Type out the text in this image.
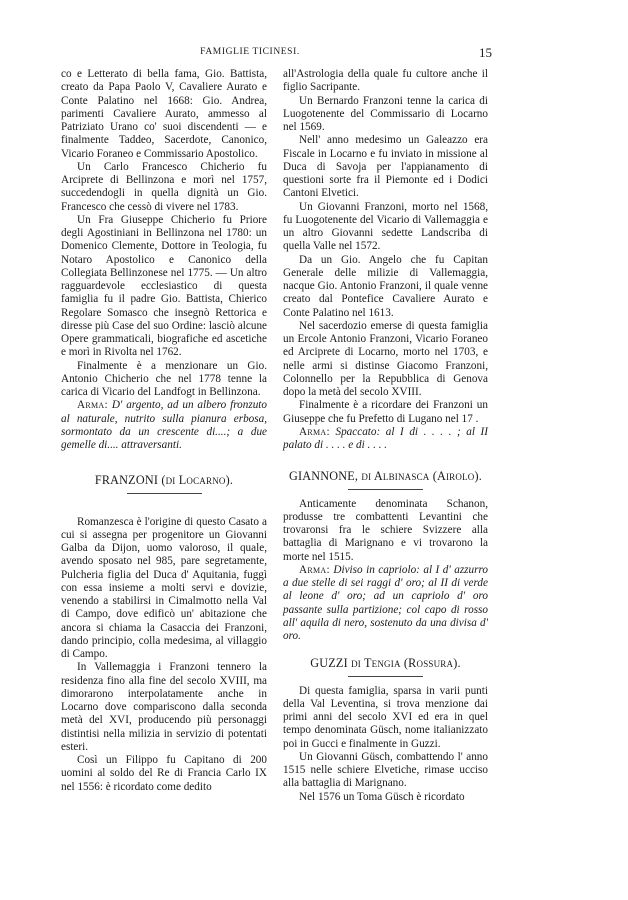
FAMIGLIE TICINESI.	15

co e Letterato di bella fama, Gio. Battista, creato da Papa Paolo V, Cavaliere Aurato e Conte Palatino nel 1668: Gio. Andrea, parimenti Cavaliere Aurato, ammesso al Patriziato Urano co' suoi discendenti — e finalmente Taddeo, Sacerdote, Canonico, Vicario Foraneo e Commissario Apostolico.

Un Carlo Francesco Chicherio fu Arciprete di Bellinzona e morì nel 1757, succedendogli in quella dignità un Gio. Francesco che cessò di vivere nel 1783.

Un Fra Giuseppe Chicherio fu Priore degli Agostiniani in Bellinzona nel 1780: un Domenico Clemente, Dottore in Teologia, fu Notaro Apostolico e Canonico della Collegiata Bellinzonese nel 1775. — Un altro ragguardevole ecclesiastico di questa famiglia fu il padre Gio. Battista, Chierico Regolare Somasco che insegnò Rettorica e diresse più Case del suo Ordine: lasciò alcune Opere grammaticali, biografiche ed ascetiche e morì in Rivolta nel 1762.

Finalmente è a menzionare un Gio. Antonio Chicherio che nel 1778 tenne la carica di Vicario del Landfogt in Bellinzona.

Arma: D' argento, ad un albero fronzuto al naturale, nutrito sulla pianura erbosa, sormontato da un crescente di....; a due gemelle di.... attraversanti.

FRANZONI (di Locarno).

Romanzesca è l'origine di questo Casato a cui si assegna per progenitore un Giovanni Galba da Dijon, uomo valoroso, il quale, avendo sposato nel 985, pare segretamente, Pulcheria figlia del Duca d' Aquitania, fuggì con essa insieme a molti servi e dovizie, venendo a stabilirsi in Cimalmotto nella Val di Campo, dove edificò un' abitazione che ancora si chiama la Casaccia dei Franzoni, dando principio, colla medesima, al villaggio di Campo.

In Vallemaggia i Franzoni tennero la residenza fino alla fine del secolo XVIII, ma dimorarono interpolatamente anche in Locarno dove compariscono dalla seconda metà del XVI, producendo più personaggi distintisi nella milizia in servizio di potentati esteri.

Così un Filippo fu Capitano di 200 uomini al soldo del Re di Francia Carlo IX nel 1556: è ricordato come dedito

all'Astrologia della quale fu cultore anche il figlio Sacripante.

Un Bernardo Franzoni tenne la carica di Luogotenente del Commissario di Locarno nel 1569.

Nell' anno medesimo un Galeazzo era Fiscale in Locarno e fu inviato in missione al Duca di Savoja per l'appianamento di questioni sorte fra il Piemonte ed i Dodici Cantoni Elvetici.

Un Giovanni Franzoni, morto nel 1568, fu Luogotenente del Vicario di Vallemaggia e un altro Giovanni sedette Landscriba di quella Valle nel 1572.

Da un Gio. Angelo che fu Capitan Generale delle milizie di Vallemaggia, nacque Gio. Antonio Franzoni, il quale venne creato dal Pontefice Cavaliere Aurato e Conte Palatino nel 1613.

Nel sacerdozio emerse di questa famiglia un Ercole Antonio Franzoni, Vicario Foraneo ed Arciprete di Locarno, morto nel 1703, e nelle armi si distinse Giacomo Franzoni, Colonnello per la Repubblica di Genova dopo la metà del secolo XVIII.

Finalmente è a ricordare dei Franzoni un Giuseppe che fu Prefetto di Lugano nel 17 .

Arma: Spaccato: al I di . . . . ; al II palato di . . . . e di . . . .

GIANNONE, di Albinasca (Airolo).

Anticamente denominata Schanon, produsse tre combattenti Levantini che trovaronsi fra le schiere Svizzere alla battaglia di Marignano e vi trovarono la morte nel 1515.

Arma: Diviso in capriolo: al I d' azzurro a due stelle di sei raggi d' oro; al II di verde al leone d' oro; ad un capriolo d' oro passante sulla partizione; col capo di rosso all' aquila di nero, sostenuto da una divisa d' oro.

GUZZI di Tengia (Rossura).

Di questa famiglia, sparsa in varii punti della Val Leventina, si trova menzione dai primi anni del secolo XVI ed era in quel tempo denominata Güsch, nome italianizzato poi in Gucci e finalmente in Guzzi.

Un Giovanni Güsch, combattendo l' anno 1515 nelle schiere Elvetiche, rimase ucciso alla battaglia di Marignano.

Nel 1576 un Toma Güsch è ricordato
